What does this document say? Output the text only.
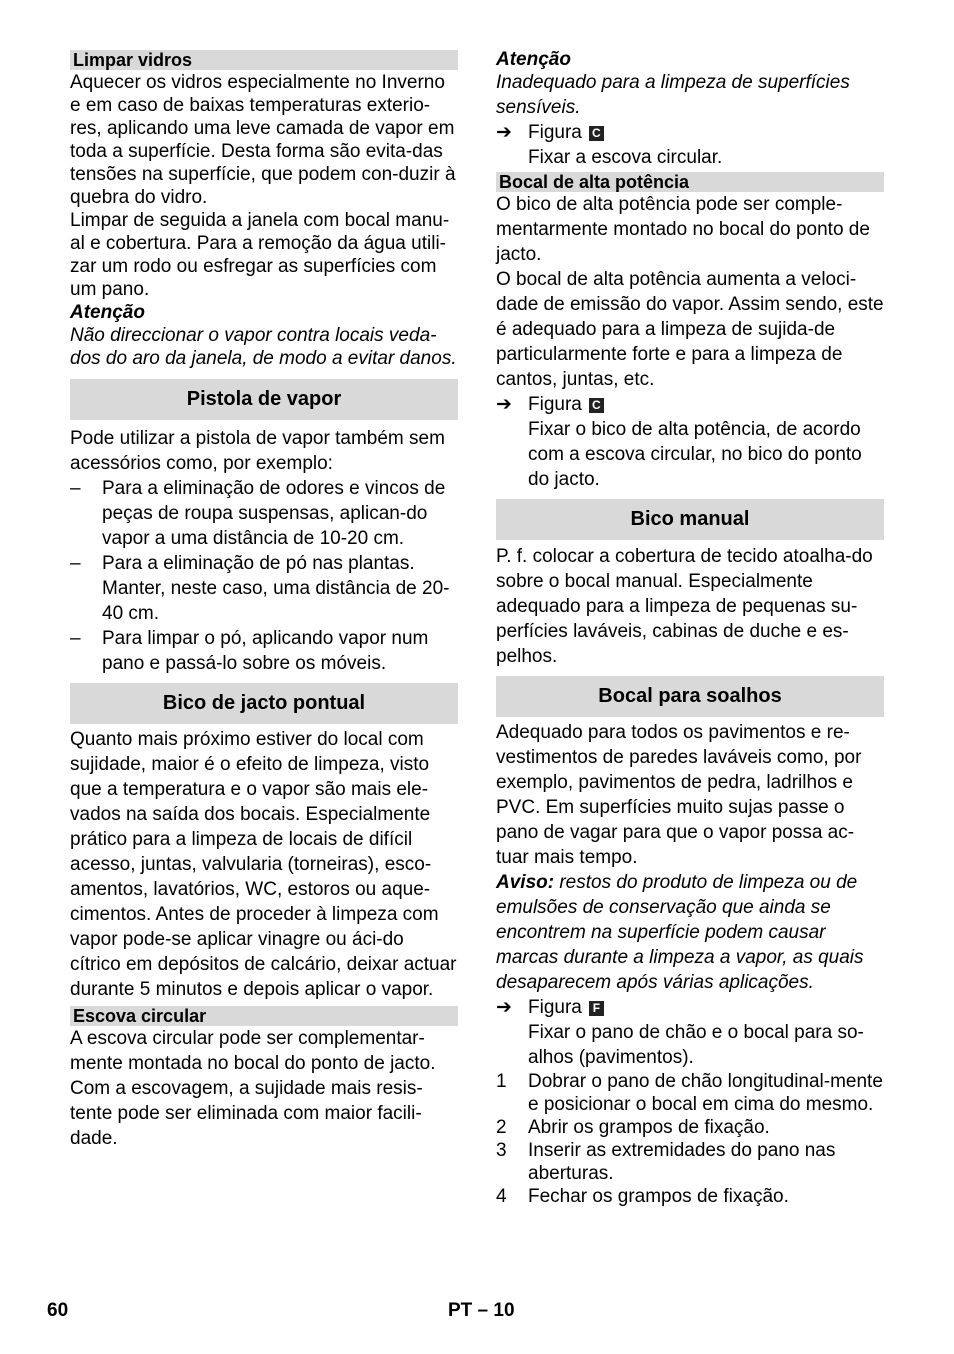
Limpar vidros

Aquecer os vidros especialmente no Inverno e em caso de baixas temperaturas exterio-res, aplicando uma leve camada de vapor em toda a superfície. Desta forma são evita-das tensões na superfície, que podem con-duzir à quebra do vidro.

Limpar de seguida a janela com bocal manu-al e cobertura. Para a remoção da água utili-zar um rodo ou esfregar as superfícies com um pano.

Atenção

Não direccionar o vapor contra locais veda-dos do aro da janela, de modo a evitar danos.

Pistola de vapor

Pode utilizar a pistola de vapor também sem acessórios como, por exemplo:

–	Para a eliminação de odores e vincos de peças de roupa suspensas, aplican-do vapor a uma distância de 10-20 cm.
–	Para a eliminação de pó nas plantas. Manter, neste caso, uma distância de 20-40 cm.
–	Para limpar o pó, aplicando vapor num pano e passá-lo sobre os móveis.
Bico de jacto pontual

Quanto mais próximo estiver do local com sujidade, maior é o efeito de limpeza, visto que a temperatura e o vapor são mais ele-vados na saída dos bocais. Especialmente prático para a limpeza de locais de difícil acesso, juntas, valvularia (torneiras), esco-amentos, lavatórios, WC, estoros ou aque-cimentos. Antes de proceder à limpeza com vapor pode-se aplicar vinagre ou áci-do cítrico em depósitos de calcário, deixar actuar durante 5 minutos e depois aplicar o vapor.

Escova circular

A escova circular pode ser complementar-mente montada no bocal do ponto de jacto. Com a escovagem, a sujidade mais resis-tente pode ser eliminada com maior facili-dade.

Atenção

Inadequado para a limpeza de superfícies sensíveis.

➔ Figura C
Fixar a escova circular.
Bocal de alta potência

O bico de alta potência pode ser comple-mentarmente montado no bocal do ponto de jacto.

O bocal de alta potência aumenta a veloci-dade de emissão do vapor. Assim sendo, este é adequado para a limpeza de sujida-de particularmente forte e para a limpeza de cantos, juntas, etc.

➔ Figura C
Fixar o bico de alta potência, de acordo com a escova circular, no bico do ponto do jacto.
Bico manual

P. f. colocar a cobertura de tecido atoalha-do sobre o bocal manual. Especialmente adequado para a limpeza de pequenas su-perfícies laváveis, cabinas de duche e es-pelhos.

Bocal para soalhos

Adequado para todos os pavimentos e re-vestimentos de paredes laváveis como, por exemplo, pavimentos de pedra, ladrilhos e PVC. Em superfícies muito sujas passe o pano de vagar para que o vapor possa ac-tuar mais tempo.

Aviso: restos do produto de limpeza ou de emulsões de conservação que ainda se encontrem na superfície podem causar marcas durante a limpeza a vapor, as quais desaparecem após várias aplicações.

➔ Figura F
Fixar o pano de chão e o bocal para so-alhos (pavimentos).
1	Dobrar o pano de chão longitudinal-mente e posicionar o bocal em cima do mesmo.
2	Abrir os grampos de fixação.
3	Inserir as extremidades do pano nas aberturas.
4	Fechar os grampos de fixação.
60	PT – 10
